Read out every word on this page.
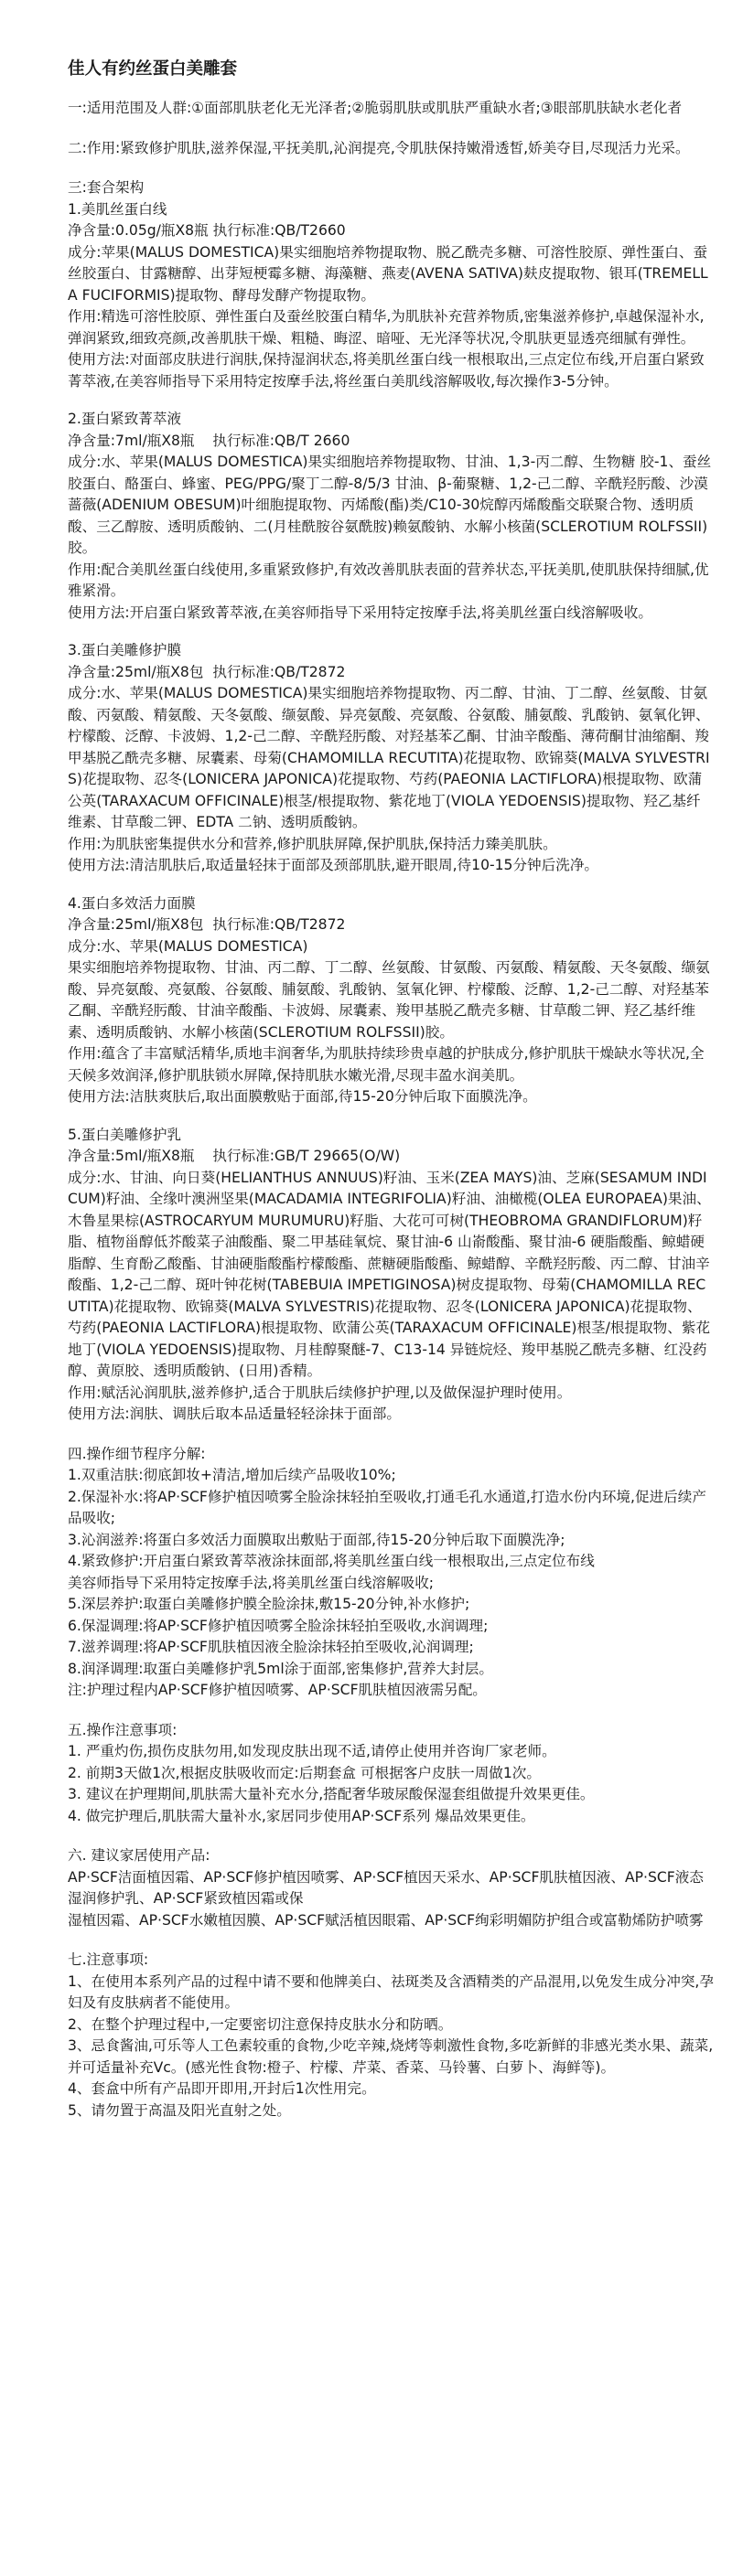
佳人有约丝蛋白美雕套

一:适用范围及人群:①面部肌肤老化无光泽者;②脆弱肌肤或肌肤严重缺水者;③眼部肌肤缺水老化者

二:作用:紧致修护肌肤,滋养保湿,平抚美肌,沁润提亮,令肌肤保持嫩滑透皙,娇美夺目,尽现活力光采。

三:套合架构

1.美肌丝蛋白线

净含量:0.05g/瓶X8瓶 执行标准:QB/T2660

成分:苹果(MALUS DOMESTICA)果实细胞培养物提取物、脱乙酰壳多糖、可溶性胶原、弹性蛋白、蚕丝胶蛋白、甘露糖醇、出芽短梗霉多糖、海藻糖、燕麦(AVENA SATIVA)麸皮提取物、银耳(TREMELLA FUCIFORMIS)提取物、酵母发酵产物提取物。

作用:精选可溶性胶原、弹性蛋白及蚕丝胶蛋白精华,为肌肤补充营养物质,密集滋养修护,卓越保湿补水,弹润紧致,细致亮颜,改善肌肤干燥、粗糙、晦涩、暗哑、无光泽等状况,令肌肤更显透亮细腻有弹性。

使用方法:对面部皮肤进行润肤,保持湿润状态,将美肌丝蛋白线一根根取出,三点定位布线,开启蛋白紧致菁萃液,在美容师指导下采用特定按摩手法,将丝蛋白美肌线溶解吸收,每次操作3-5分钟。

2.蛋白紧致菁萃液

净含量:7ml/瓶X8瓶    执行标准:QB/T 2660

成分:水、苹果(MALUS DOMESTICA)果实细胞培养物提取物、甘油、1,3-丙二醇、生物糖 胶-1、蚕丝胶蛋白、酪蛋白、蜂蜜、PEG/PPG/聚丁二醇-8/5/3 甘油、β-葡聚糖、1,2-己二醇、辛酰羟肟酸、沙漠蔷薇(ADENIUM OBESUM)叶细胞提取物、丙烯酸(酯)类/C10-30烷醇丙烯酸酯交联聚合物、透明质酸、三乙醇胺、透明质酸钠、二(月桂酰胺谷氨酰胺)赖氨酸钠、水解小核菌(SCLEROTIUM ROLFSSII)胶。

作用:配合美肌丝蛋白线使用,多重紧致修护,有效改善肌肤表面的营养状态,平抚美肌,使肌肤保持细腻,优雅紧滑。

使用方法:开启蛋白紧致菁萃液,在美容师指导下采用特定按摩手法,将美肌丝蛋白线溶解吸收。

3.蛋白美雕修护膜

净含量:25ml/瓶X8包  执行标准:QB/T2872

成分:水、苹果(MALUS DOMESTICA)果实细胞培养物提取物、丙二醇、甘油、丁二醇、丝氨酸、甘氨酸、丙氨酸、精氨酸、天冬氨酸、缬氨酸、异亮氨酸、亮氨酸、谷氨酸、脯氨酸、乳酸钠、氨氧化钾、柠檬酸、泛醇、卡波姆、1,2-己二醇、辛酰羟肟酸、对羟基苯乙酮、甘油辛酸酯、薄荷酮甘油缩酮、羧甲基脱乙酰壳多糖、尿囊素、母菊(CHAMOMILLA RECUTITA)花提取物、欧锦葵(MALVA SYLVESTRIS)花提取物、忍冬(LONICERA JAPONICA)花提取物、芍药(PAEONIA LACTIFLORA)根提取物、欧蒲公英(TARAXACUM OFFICINALE)根茎/根提取物、紫花地丁(VIOLA YEDOENSIS)提取物、羟乙基纤维素、甘草酸二钾、EDTA 二钠、透明质酸钠。

作用:为肌肤密集提供水分和营养,修护肌肤屏障,保护肌肤,保持活力臻美肌肤。

使用方法:清洁肌肤后,取适量轻抹于面部及颈部肌肤,避开眼周,待10-15分钟后洗净。

4.蛋白多效活力面膜

净含量:25ml/瓶X8包  执行标准:QB/T2872

成分:水、苹果(MALUS DOMESTICA)

果实细胞培养物提取物、甘油、丙二醇、丁二醇、丝氨酸、甘氨酸、丙氨酸、精氨酸、天冬氨酸、缬氨酸、异亮氨酸、亮氨酸、谷氨酸、脯氨酸、乳酸钠、氢氧化钾、柠檬酸、泛醇、1,2-己二醇、对羟基苯乙酮、辛酰羟肟酸、甘油辛酸酯、卡波姆、尿囊素、羧甲基脱乙酰壳多糖、甘草酸二钾、羟乙基纤维素、透明质酸钠、水解小核菌(SCLEROTIUM ROLFSSII)胶。

作用:蕴含了丰富赋活精华,质地丰润奢华,为肌肤持续珍贵卓越的护肤成分,修护肌肤干燥缺水等状况,全天候多效润泽,修护肌肤锁水屏障,保持肌肤水嫩光滑,尽现丰盈水润美肌。

使用方法:洁肤爽肤后,取出面膜敷贴于面部,待15-20分钟后取下面膜洗净。

5.蛋白美雕修护乳

净含量:5ml/瓶X8瓶    执行标准:GB/T 29665(O/W)

成分:水、甘油、向日葵(HELIANTHUS ANNUUS)籽油、玉米(ZEA MAYS)油、芝麻(SESAMUM INDICUM)籽油、全缘叶澳洲坚果(MACADAMIA INTEGRIFOLIA)籽油、油橄榄(OLEA EUROPAEA)果油、木鲁星果棕(ASTROCARYUM MURUMURU)籽脂、大花可可树(THEOBROMA GRANDIFLORUM)籽脂、植物甾醇低芥酸菜子油酸酯、聚二甲基硅氧烷、聚甘油-6 山嵛酸酯、聚甘油-6 硬脂酸酯、鲸蜡硬脂醇、生育酚乙酸酯、甘油硬脂酸酯柠檬酸酯、蔗糖硬脂酸酯、鲸蜡醇、辛酰羟肟酸、丙二醇、甘油辛酸酯、1,2-己二醇、斑叶钟花树(TABEBUIA IMPETIGINOSA)树皮提取物、母菊(CHAMOMILLA RECUTITA)花提取物、欧锦葵(MALVA SYLVESTRIS)花提取物、忍冬(LONICERA JAPONICA)花提取物、芍药(PAEONIA LACTIFLORA)根提取物、欧蒲公英(TARAXACUM OFFICINALE)根茎/根提取物、紫花地丁(VIOLA YEDOENSIS)提取物、月桂醇聚醚-7、C13-14 异链烷烃、羧甲基脱乙酰壳多糖、红没药醇、黄原胶、透明质酸钠、(日用)香精。

作用:赋活沁润肌肤,滋养修护,适合于肌肤后续修护护理,以及做保湿护理时使用。

使用方法:润肤、调肤后取本品适量轻轻涂抹于面部。

四.操作细节程序分解:

1.双重洁肤:彻底卸妆+清洁,增加后续产品吸收10%;

2.保湿补水:将AP·SCF修护植因喷雾全脸涂抹轻拍至吸收,打通毛孔水通道,打造水份内环境,促进后续产品吸收;

3.沁润滋养:将蛋白多效活力面膜取出敷贴于面部,待15-20分钟后取下面膜洗净;

4.紧致修护:开启蛋白紧致菁萃液涂抹面部,将美肌丝蛋白线一根根取出,三点定位布线

美容师指导下采用特定按摩手法,将美肌丝蛋白线溶解吸收;

5.深层养护:取蛋白美雕修护膜全脸涂抹,敷15-20分钟,补水修护;

6.保湿调理:将AP·SCF修护植因喷雾全脸涂抹轻拍至吸收,水润调理;

7.滋养调理:将AP·SCF肌肤植因液全脸涂抹轻拍至吸收,沁润调理;

8.润泽调理:取蛋白美雕修护乳5ml涂于面部,密集修护,营养大封层。

注:护理过程内AP·SCF修护植因喷雾、AP·SCF肌肤植因液需另配。

五.操作注意事项:

1. 严重灼伤,损伤皮肤勿用,如发现皮肤出现不适,请停止使用并咨询厂家老师。

2. 前期3天做1次,根据皮肤吸收而定:后期套盒 可根据客户皮肤一周做1次。

3. 建议在护理期间,肌肤需大量补充水分,搭配奢华玻尿酸保湿套组做提升效果更佳。

4. 做完护理后,肌肤需大量补水,家居同步使用AP·SCF系列 爆品效果更佳。

六. 建议家居使用产品:

AP·SCF洁面植因霜、AP·SCF修护植因喷雾、AP·SCF植因天采水、AP·SCF肌肤植因液、AP·SCF液态湿润修护乳、AP·SCF紧致植因霜或保

湿植因霜、AP·SCF水嫩植因膜、AP·SCF赋活植因眼霜、AP·SCF绚彩明媚防护组合或富勒烯防护喷雾

七.注意事项:

1、在使用本系列产品的过程中请不要和他牌美白、祛斑类及含酒精类的产品混用,以免发生成分冲突,孕妇及有皮肤病者不能使用。

2、在整个护理过程中,一定要密切注意保持皮肤水分和防晒。

3、忌食酱油,可乐等人工色素较重的食物,少吃辛辣,烧烤等刺激性食物,多吃新鲜的非感光类水果、蔬菜,并可适量补充Vc。(感光性食物:橙子、柠檬、芹菜、香菜、马铃薯、白萝卜、海鲜等)。

4、套盒中所有产品即开即用,开封后1次性用完。

5、请勿置于高温及阳光直射之处。
